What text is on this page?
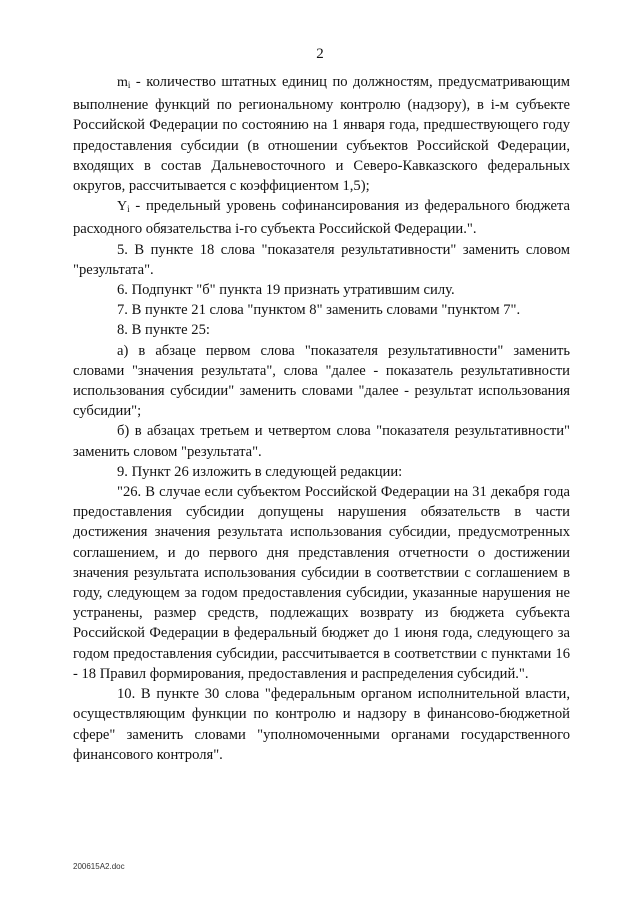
2

$m_i$ - количество штатных единиц по должностям, предусматривающим выполнение функций по региональному контролю (надзору), в i-м субъекте Российской Федерации по состоянию на 1 января года, предшествующего году предоставления субсидии (в отношении субъектов Российской Федерации, входящих в состав Дальневосточного и Северо-Кавказского федеральных округов, рассчитывается с коэффициентом 1,5);

$Y_i$ - предельный уровень софинансирования из федерального бюджета расходного обязательства i-го субъекта Российской Федерации.".

5. В пункте 18 слова "показателя результативности" заменить словом "результата".

6. Подпункт "б" пункта 19 признать утратившим силу.

7. В пункте 21 слова "пунктом 8" заменить словами "пунктом 7".

8. В пункте 25:

а) в абзаце первом слова "показателя результативности" заменить словами "значения результата", слова "далее - показатель результативности использования субсидии" заменить словами "далее - результат использования субсидии";

б) в абзацах третьем и четвертом слова "показателя результативности" заменить словом "результата".

9. Пункт 26 изложить в следующей редакции:

"26. В случае если субъектом Российской Федерации на 31 декабря года предоставления субсидии допущены нарушения обязательств в части достижения значения результата использования субсидии, предусмотренных соглашением, и до первого дня представления отчетности о достижении значения результата использования субсидии в соответствии с соглашением в году, следующем за годом предоставления субсидии, указанные нарушения не устранены, размер средств, подлежащих возврату из бюджета субъекта Российской Федерации в федеральный бюджет до 1 июня года, следующего за годом предоставления субсидии, рассчитывается в соответствии с пунктами 16 - 18 Правил формирования, предоставления и распределения субсидий.".

10. В пункте 30 слова "федеральным органом исполнительной власти, осуществляющим функции по контролю и надзору в финансово-бюджетной сфере" заменить словами "уполномоченными органами государственного финансового контроля".

200615A2.doc
